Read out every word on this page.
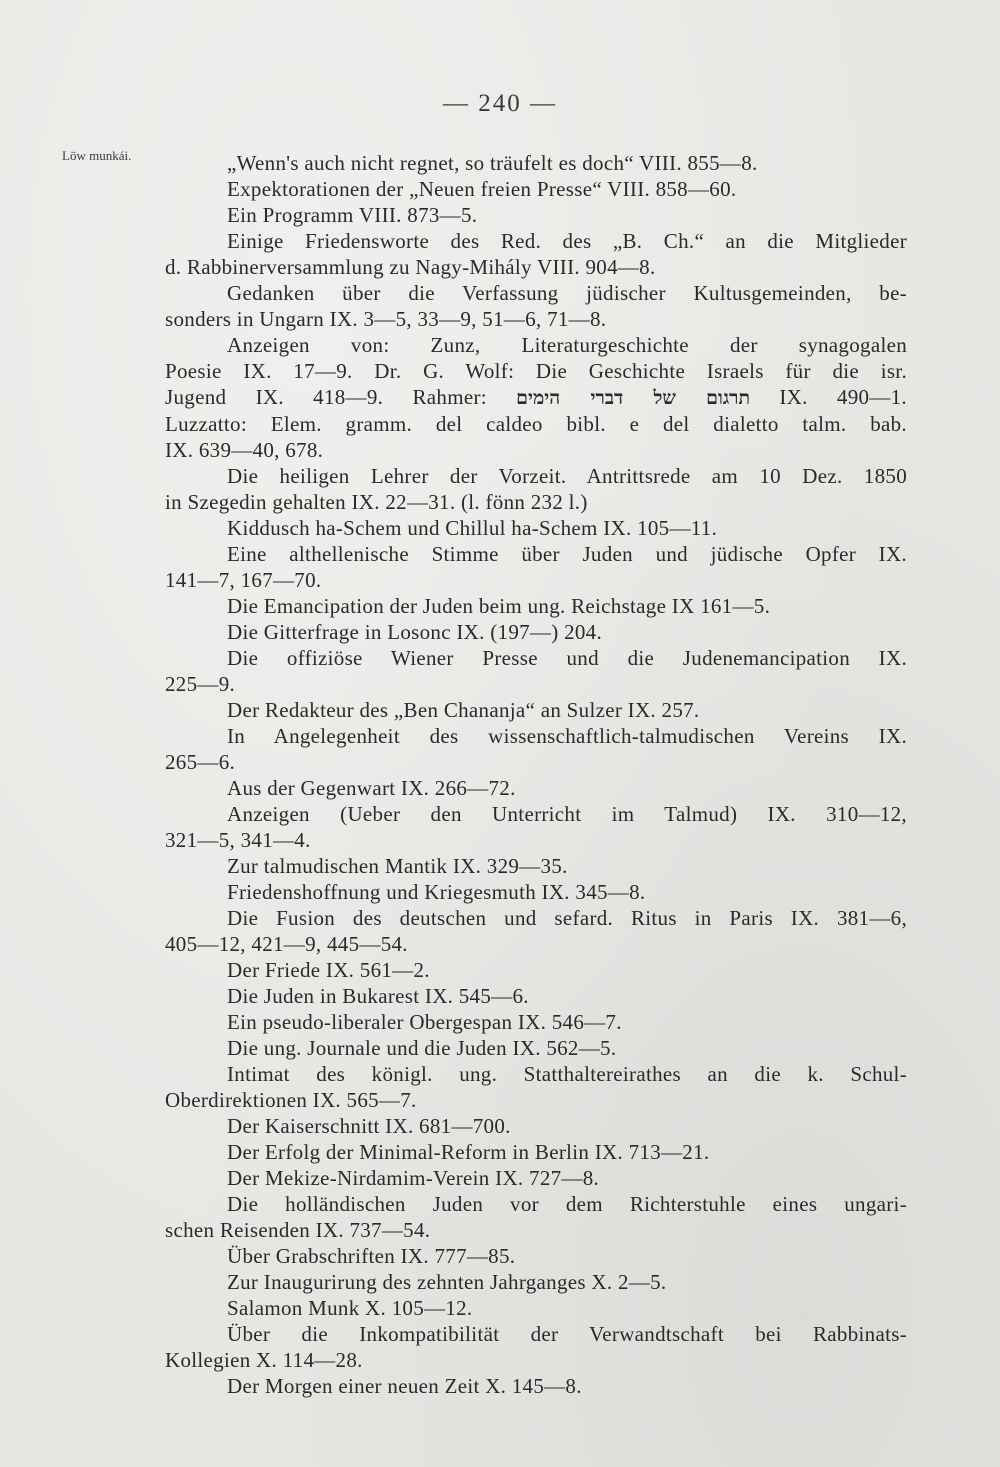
— 240 —
Löw munkái.	„Wenn's auch nicht regnet, so träufelt es doch“ VIII. 855—8.
Expektorationen der „Neuen freien Presse“ VIII. 858—60.
Ein Programm VIII. 873—5.
Einige Friedensworte des Red. des „B. Ch.“ an die Mitglieder
d. Rabbinerversammlung zu Nagy-Mihály VIII. 904—8.
Gedanken über die Verfassung jüdischer Kultusgemeinden, be-
sonders in Ungarn IX. 3—5, 33—9, 51—6, 71—8.
Anzeigen von: Zunz, Literaturgeschichte der synagogalen
Poesie IX. 17—9. Dr. G. Wolf: Die Geschichte Israels für die isr.
Jugend IX. 418—9. Rahmer: תרגום של דברי הימים IX. 490—1.
Luzzatto: Elem. gramm. del caldeo bibl. e del dialetto talm. bab.
IX. 639—40, 678.
Die heiligen Lehrer der Vorzeit. Antrittsrede am 10 Dez. 1850
in Szegedin gehalten IX. 22—31. (l. fönn 232 l.)
Kiddusch ha-Schem und Chillul ha-Schem IX. 105—11.
Eine althellenische Stimme über Juden und jüdische Opfer IX.
141—7, 167—70.
Die Emancipation der Juden beim ung. Reichstage IX 161—5.
Die Gitterfrage in Losonc IX. (197—) 204.
Die offiziöse Wiener Presse und die Judenemancipation IX.
225—9.
Der Redakteur des „Ben Chananja“ an Sulzer IX. 257.
In Angelegenheit des wissenschaftlich-talmudischen Vereins IX.
265—6.
Aus der Gegenwart IX. 266—72.
Anzeigen (Ueber den Unterricht im Talmud) IX. 310—12,
321—5, 341—4.
Zur talmudischen Mantik IX. 329—35.
Friedenshoffnung und Kriegesmuth IX. 345—8.
Die Fusion des deutschen und sefard. Ritus in Paris IX. 381—6,
405—12, 421—9, 445—54.
Der Friede IX. 561—2.
Die Juden in Bukarest IX. 545—6.
Ein pseudo-liberaler Obergespan IX. 546—7.
Die ung. Journale und die Juden IX. 562—5.
Intimat des königl. ung. Statthaltereirathes an die k. Schul-
Oberdirektionen IX. 565—7.
Der Kaiserschnitt IX. 681—700.
Der Erfolg der Minimal-Reform in Berlin IX. 713—21.
Der Mekize-Nirdamim-Verein IX. 727—8.
Die holländischen Juden vor dem Richterstuhle eines ungari-
schen Reisenden IX. 737—54.
Über Grabschriften IX. 777—85.
Zur Inaugurirung des zehnten Jahrganges X. 2—5.
Salamon Munk X. 105—12.
Über die Inkompatibilität der Verwandtschaft bei Rabbinats-
Kollegien X. 114—28.
Der Morgen einer neuen Zeit X. 145—8.
